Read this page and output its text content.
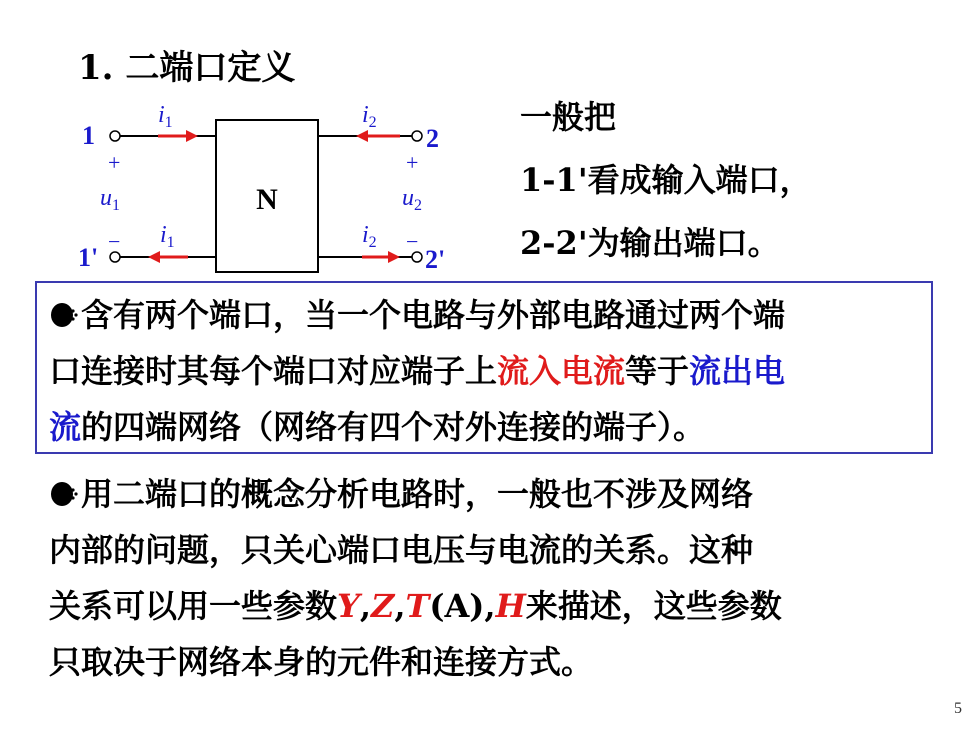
1. 二端口定义
N
1
1'
2
2'
$i_1$	$i_2$
$i_1$	$i_2$
+
$u_1$
−
+
$u_2$
−
一般把
1-1'看成输入端口，
2-2'为输出端口。
含有两个端口，当一个电路与外部电路通过两个端
口连接时其每个端口对应端子上流入电流等于流出电
流的四端网络（网络有四个对外连接的端子）。
用二端口的概念分析电路时，一般也不涉及网络
内部的问题，只关心端口电压与电流的关系。这种
关系可以用一些参数Y,Z,T(A),H来描述，这些参数
只取决于网络本身的元件和连接方式。
5
